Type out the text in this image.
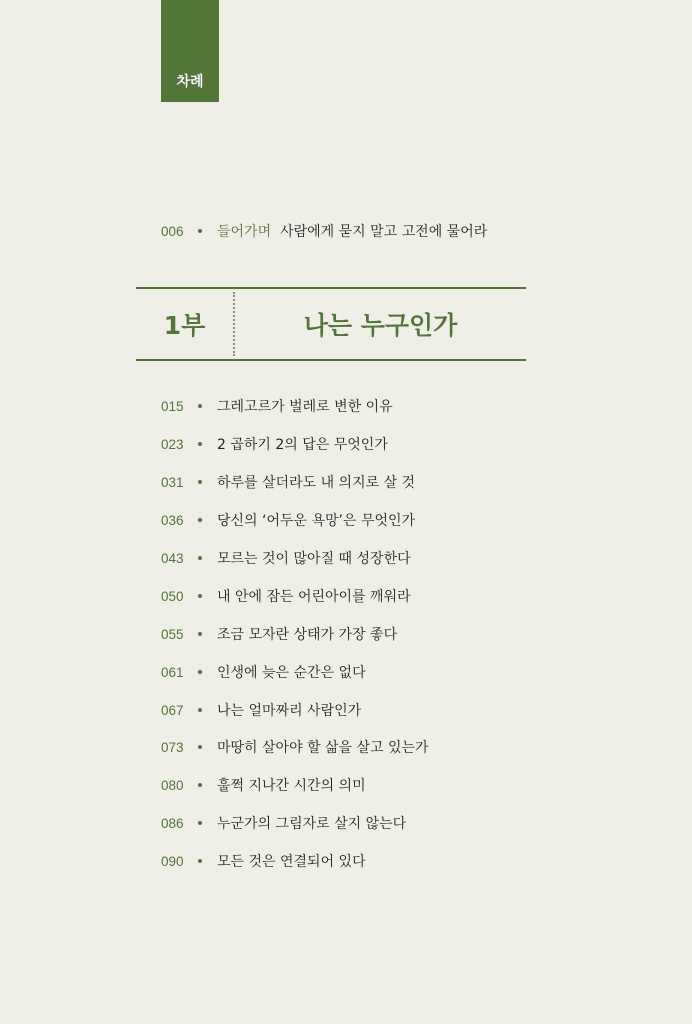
차례
006	들어가며 사람에게 묻지 말고 고전에 물어라
1부	나는 누구인가
015	그레고르가 벌레로 변한 이유
023	2 곱하기 2의 답은 무엇인가
031	하루를 살더라도 내 의지로 살 것
036	당신의 ‘어두운 욕망’은 무엇인가
043	모르는 것이 많아질 때 성장한다
050	내 안에 잠든 어린아이를 깨워라
055	조금 모자란 상태가 가장 좋다
061	인생에 늦은 순간은 없다
067	나는 얼마짜리 사람인가
073	마땅히 살아야 할 삶을 살고 있는가
080	훌쩍 지나간 시간의 의미
086	누군가의 그림자로 살지 않는다
090	모든 것은 연결되어 있다
